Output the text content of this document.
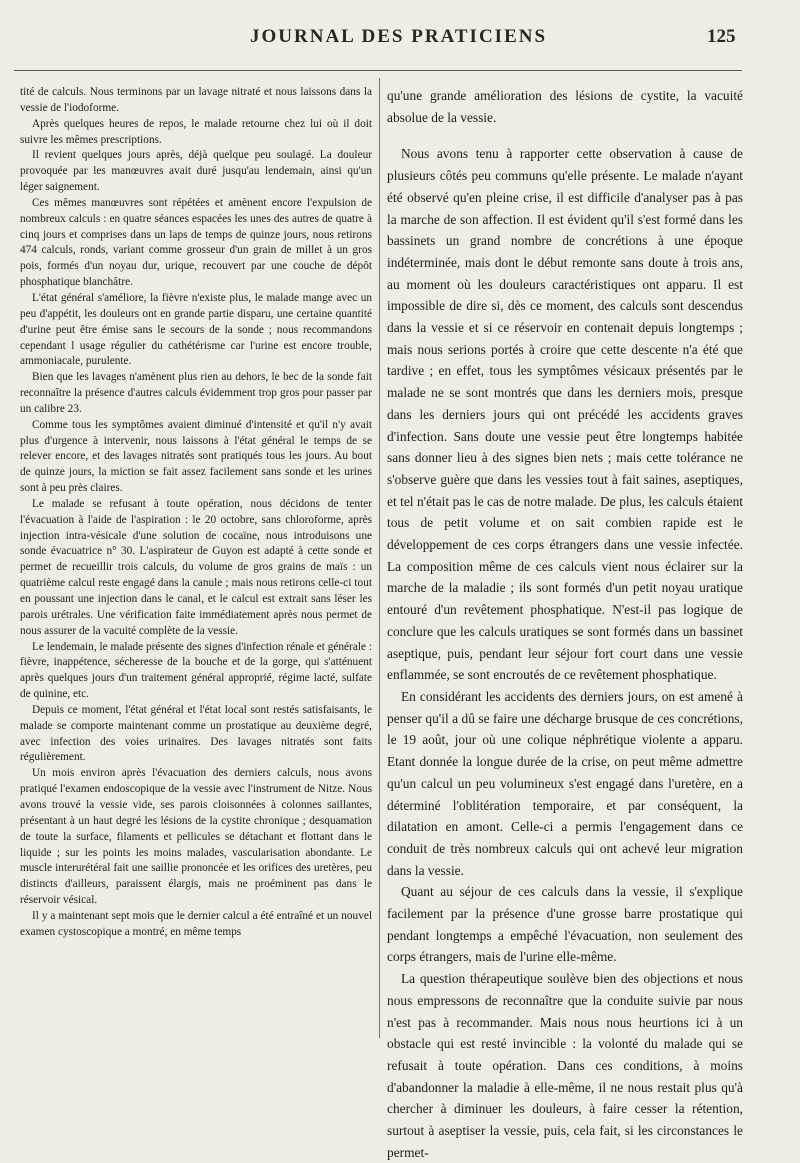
JOURNAL DES PRATICIENS	125

tité de calculs. Nous terminons par un lavage nitraté et nous laissons dans la vessie de l'iodoforme.

Après quelques heures de repos, le malade retourne chez lui où il doit suivre les mêmes prescriptions.

Il revient quelques jours après, déjà quelque peu soulagé. La douleur provoquée par les manœuvres avait duré jusqu'au lendemain, ainsi qu'un léger saignement.

Ces mêmes manœuvres sont répétées et amènent encore l'expulsion de nombreux calculs : en quatre séances espacées les unes des autres de quatre à cinq jours et comprises dans un laps de temps de quinze jours, nous retirons 474 calculs, ronds, variant comme grosseur d'un grain de millet à un gros pois, formés d'un noyau dur, urique, recouvert par une couche de dépôt phosphatique blanchâtre.

L'état général s'améliore, la fièvre n'existe plus, le malade mange avec un peu d'appétit, les douleurs ont en grande partie disparu, une certaine quantité d'urine peut être émise sans le secours de la sonde ; nous recommandons cependant l usage régulier du cathétérisme car l'urine est encore trouble, ammoniacale, purulente.

Bien que les lavages n'amènent plus rien au dehors, le bec de la sonde fait reconnaître la présence d'autres calculs évidemment trop gros pour passer par un calibre 23.

Comme tous les symptômes avaient diminué d'intensité et qu'il n'y avait plus d'urgence à intervenir, nous laissons à l'état général le temps de se relever encore, et des lavages nitratés sont pratiqués tous les jours. Au bout de quinze jours, la miction se fait assez facilement sans sonde et les urines sont à peu près claires.

Le malade se refusant à toute opération, nous décidons de tenter l'évacuation à l'aide de l'aspiration : le 20 octobre, sans chloroforme, après injection intra-vésicale d'une solution de cocaïne, nous introduisons une sonde évacuatrice n° 30. L'aspirateur de Guyon est adapté à cette sonde et permet de recueillir trois calculs, du volume de gros grains de maïs : un quatrième calcul reste engagé dans la canule ; mais nous retirons celle-ci tout en poussant une injection dans le canal, et le calcul est extrait sans léser les parois urétrales. Une vérification faite immédiatement après nous permet de nous assurer de la vacuité complète de la vessie.

Le lendemain, le malade présente des signes d'infection rénale et générale : fièvre, inappétence, sécheresse de la bouche et de la gorge, qui s'atténuent après quelques jours d'un traitement général approprié, régime lacté, sulfate de quinine, etc.

Depuis ce moment, l'état général et l'état local sont restés satisfaisants, le malade se comporte maintenant comme un prostatique au deuxième degré, avec infection des voies urinaires. Des lavages nitratés sont faits régulièrement.

Un mois environ après l'évacuation des derniers calculs, nous avons pratiqué l'examen endoscopique de la vessie avec l'instrument de Nitze. Nous avons trouvé la vessie vide, ses parois cloisonnées à colonnes saillantes, présentant à un haut degré les lésions de la cystite chronique ; desquamation de toute la surface, filaments et pellicules se détachant et flottant dans le liquide ; sur les points les moins malades, vascularisation abondante. Le muscle interurétéral fait une saillie prononcée et les orifices des uretères, peu distincts d'ailleurs, paraissent élargis, mais ne proéminent pas dans le réservoir vésical.

Il y a maintenant sept mois que le dernier calcul a été entraîné et un nouvel examen cystoscopique a montré, en même temps

qu'une grande amélioration des lésions de cystite, la vacuité absolue de la vessie.

Nous avons tenu à rapporter cette observation à cause de plusieurs côtés peu communs qu'elle présente. Le malade n'ayant été observé qu'en pleine crise, il est difficile d'analyser pas à pas la marche de son affection. Il est évident qu'il s'est formé dans les bassinets un grand nombre de concrétions à une époque indéterminée, mais dont le début remonte sans doute à trois ans, au moment où les douleurs caractéristiques ont apparu. Il est impossible de dire si, dès ce moment, des calculs sont descendus dans la vessie et si ce réservoir en contenait depuis longtemps ; mais nous serions portés à croire que cette descente n'a été que tardive ; en effet, tous les symptômes vésicaux présentés par le malade ne se sont montrés que dans les derniers mois, presque dans les derniers jours qui ont précédé les accidents graves d'infection. Sans doute une vessie peut être longtemps habitée sans donner lieu à des signes bien nets ; mais cette tolérance ne s'observe guère que dans les vessies tout à fait saines, aseptiques, et tel n'était pas le cas de notre malade. De plus, les calculs étaient tous de petit volume et on sait combien rapide est le développement de ces corps étrangers dans une vessie infectée. La composition même de ces calculs vient nous éclairer sur la marche de la maladie ; ils sont formés d'un petit noyau uratique entouré d'un revêtement phosphatique. N'est-il pas logique de conclure que les calculs uratiques se sont formés dans un bassinet aseptique, puis, pendant leur séjour fort court dans une vessie enflammée, se sont encroutés de ce revêtement phosphatique.

En considérant les accidents des derniers jours, on est amené à penser qu'il a dû se faire une décharge brusque de ces concrétions, le 19 août, jour où une colique néphrétique violente a apparu. Etant donnée la longue durée de la crise, on peut même admettre qu'un calcul un peu volumineux s'est engagé dans l'uretère, en a déterminé l'oblitération temporaire, et par conséquent, la dilatation en amont. Celle-ci a permis l'engagement dans ce conduit de très nombreux calculs qui ont achevé leur migration dans la vessie.

Quant au séjour de ces calculs dans la vessie, il s'explique facilement par la présence d'une grosse barre prostatique qui pendant longtemps a empêché l'évacuation, non seulement des corps étrangers, mais de l'urine elle-même.

La question thérapeutique soulève bien des objections et nous nous empressons de reconnaître que la conduite suivie par nous n'est pas à recommander. Mais nous nous heurtions ici à un obstacle qui est resté invincible : la volonté du malade qui se refusait à toute opération. Dans ces conditions, à moins d'abandonner la maladie à elle-même, il ne nous restait plus qu'à chercher à diminuer les douleurs, à faire cesser la rétention, surtout à aseptiser la vessie, puis, cela fait, si les circonstances le permet-
